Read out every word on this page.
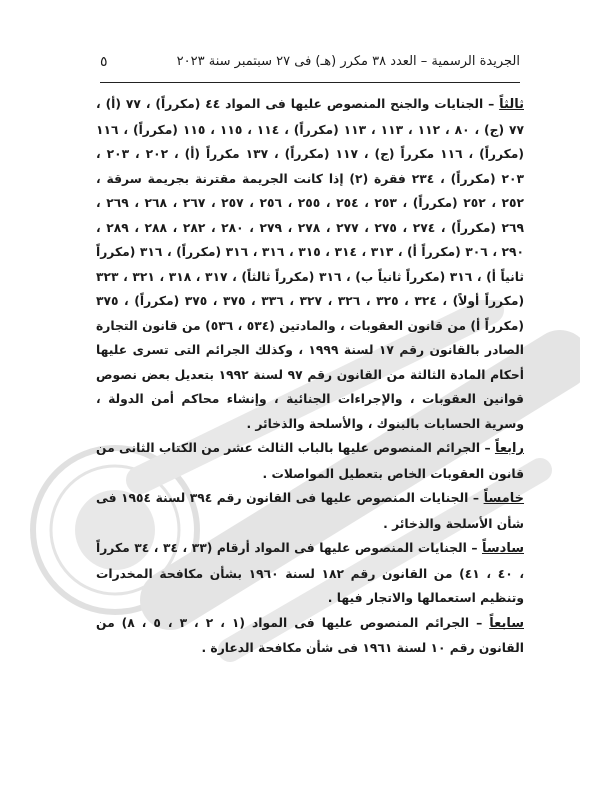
الجريدة الرسمية – العدد ٣٨ مكرر (هـ) فى ٢٧ سبتمبر سنة ٢٠٢٣
٥

ثالثاً – الجنايات والجنح المنصوص عليها فى المواد ٤٤ (مكرراً) ، ٧٧ (أ) ، ٧٧ (ج) ، ٨٠ ، ١١٢ ، ١١٣ ، ١١٣ (مكرراً) ، ١١٤ ، ١١٥ ، ١١٥ (مكرراً) ، ١١٦ (مكرراً) ، ١١٦ مكرراً (ج) ، ١١٧ (مكرراً) ، ١٣٧ مكرراً (أ) ، ٢٠٢ ، ٢٠٣ ، ٢٠٣ (مكرراً) ، ٢٣٤ فقرة (٢) إذا كانت الجريمة مقترنة بجريمة سرقة ، ٢٥٢ ، ٢٥٢ (مكرراً) ، ٢٥٣ ، ٢٥٤ ، ٢٥٥ ، ٢٥٦ ، ٢٥٧ ، ٢٦٧ ، ٢٦٨ ، ٢٦٩ ، ٢٦٩ (مكرراً) ، ٢٧٤ ، ٢٧٥ ، ٢٧٧ ، ٢٧٨ ، ٢٧٩ ، ٢٨٠ ، ٢٨٢ ، ٢٨٨ ، ٢٨٩ ، ٢٩٠ ، ٣٠٦ (مكرراً أ) ، ٣١٣ ، ٣١٤ ، ٣١٥ ، ٣١٦ ، ٣١٦ (مكرراً) ، ٣١٦ (مكرراً ثانياً أ) ، ٣١٦ (مكرراً ثانياً ب) ، ٣١٦ (مكرراً ثالثاً) ، ٣١٧ ، ٣١٨ ، ٣٢١ ، ٣٢٣ (مكرراً أولاً) ، ٣٢٤ ، ٣٢٥ ، ٣٢٦ ، ٣٢٧ ، ٣٣٦ ، ٣٧٥ ، ٣٧٥ (مكرراً) ، ٣٧٥ (مكرراً أ) من قانون العقوبات ، والمادتين (٥٣٤ ، ٥٣٦) من قانون التجارة الصادر بالقانون رقم ١٧ لسنة ١٩٩٩ ، وكذلك الجرائم التى تسرى عليها أحكام المادة الثالثة من القانون رقم ٩٧ لسنة ١٩٩٢ بتعديل بعض نصوص قوانين العقوبات ، والإجراءات الجنائية ، وإنشاء محاكم أمن الدولة ، وسرية الحسابات بالبنوك ، والأسلحة والذخائر .

رابعاً – الجرائم المنصوص عليها بالباب الثالث عشر من الكتاب الثانى من قانون العقوبات الخاص بتعطيل المواصلات .

خامساً – الجنايات المنصوص عليها فى القانون رقم ٣٩٤ لسنة ١٩٥٤ فى شأن الأسلحة والذخائر .

سادساً – الجنايات المنصوص عليها فى المواد أرقام (٣٣ ، ٣٤ ، ٣٤ مكرراً ، ٤٠ ، ٤١) من القانون رقم ١٨٢ لسنة ١٩٦٠ بشأن مكافحة المخدرات وتنظيم استعمالها والاتجار فيها .

سابعاً – الجرائم المنصوص عليها فى المواد (١ ، ٢ ، ٣ ، ٥ ، ٨) من القانون رقم ١٠ لسنة ١٩٦١ فى شأن مكافحة الدعارة .
